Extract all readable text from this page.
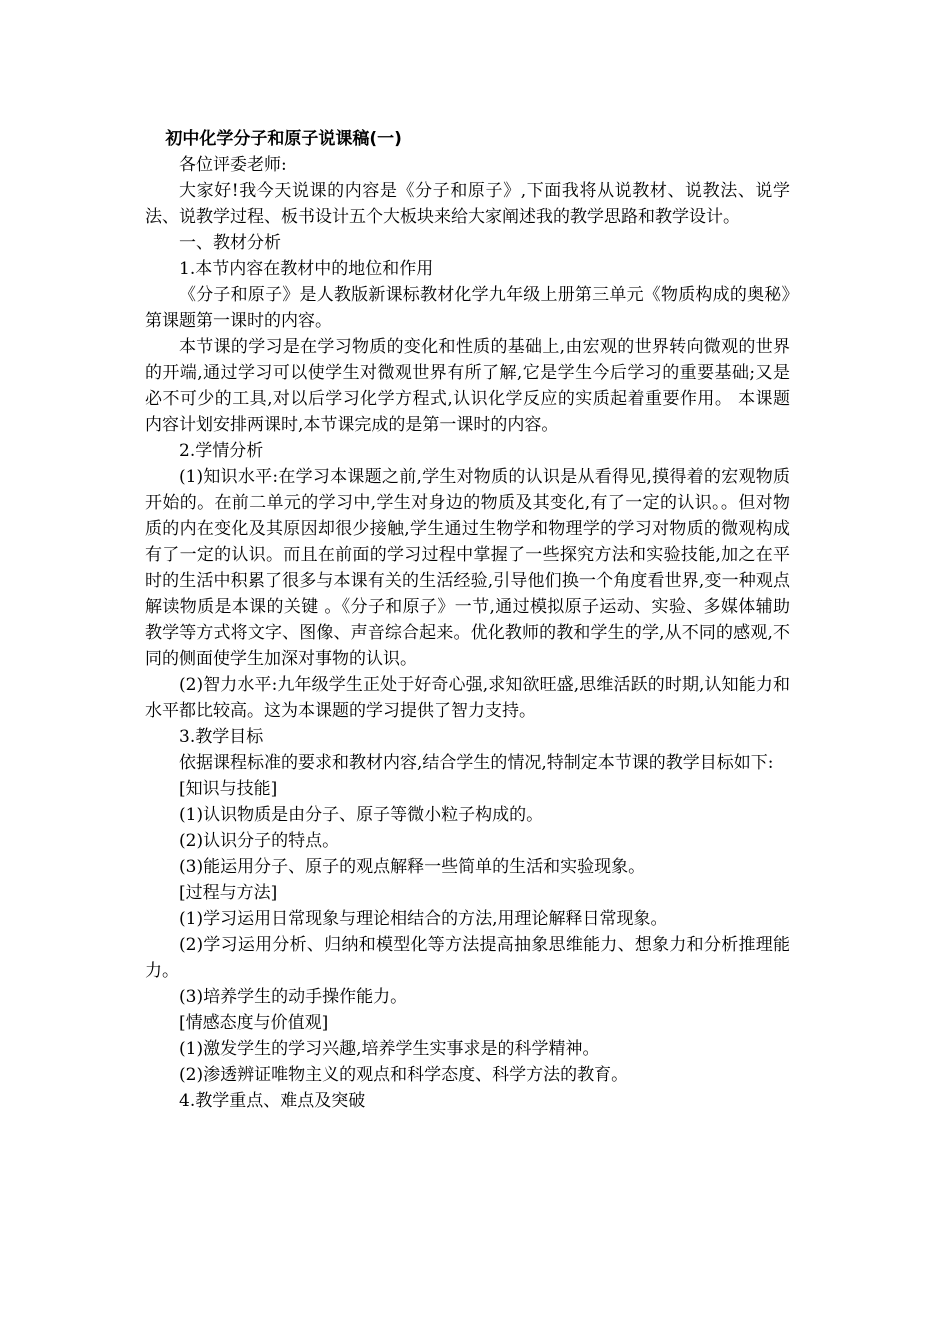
初中化学分子和原子说课稿(一)

各位评委老师:

大家好!我今天说课的内容是《分子和原子》,下面我将从说教材、说教法、说学法、说教学过程、板书设计五个大板块来给大家阐述我的教学思路和教学设计。

一、教材分析

1.本节内容在教材中的地位和作用

《分子和原子》是人教版新课标教材化学九年级上册第三单元《物质构成的奥秘》第课题第一课时的内容。

本节课的学习是在学习物质的变化和性质的基础上,由宏观的世界转向微观的世界的开端,通过学习可以使学生对微观世界有所了解,它是学生今后学习的重要基础;又是必不可少的工具,对以后学习化学方程式,认识化学反应的实质起着重要作用。 本课题内容计划安排两课时,本节课完成的是第一课时的内容。

2.学情分析

(1)知识水平:在学习本课题之前,学生对物质的认识是从看得见,摸得着的宏观物质开始的。在前二单元的学习中,学生对身边的物质及其变化,有了一定的认识。。但对物质的内在变化及其原因却很少接触,学生通过生物学和物理学的学习对物质的微观构成有了一定的认识。而且在前面的学习过程中掌握了一些探究方法和实验技能,加之在平时的生活中积累了很多与本课有关的生活经验,引导他们换一个角度看世界,变一种观点解读物质是本课的关键 。《分子和原子》一节,通过模拟原子运动、实验、多媒体辅助教学等方式将文字、图像、声音综合起来。优化教师的教和学生的学,从不同的感观,不同的侧面使学生加深对事物的认识。

(2)智力水平:九年级学生正处于好奇心强,求知欲旺盛,思维活跃的时期,认知能力和水平都比较高。这为本课题的学习提供了智力支持。

3.教学目标

依据课程标准的要求和教材内容,结合学生的情况,特制定本节课的教学目标如下:

[知识与技能]

(1)认识物质是由分子、原子等微小粒子构成的。

(2)认识分子的特点。

(3)能运用分子、原子的观点解释一些简单的生活和实验现象。

[过程与方法]

(1)学习运用日常现象与理论相结合的方法,用理论解释日常现象。

(2)学习运用分析、归纳和模型化等方法提高抽象思维能力、想象力和分析推理能力。

(3)培养学生的动手操作能力。

[情感态度与价值观]

(1)激发学生的学习兴趣,培养学生实事求是的科学精神。

(2)渗透辨证唯物主义的观点和科学态度、科学方法的教育。

4.教学重点、难点及突破
